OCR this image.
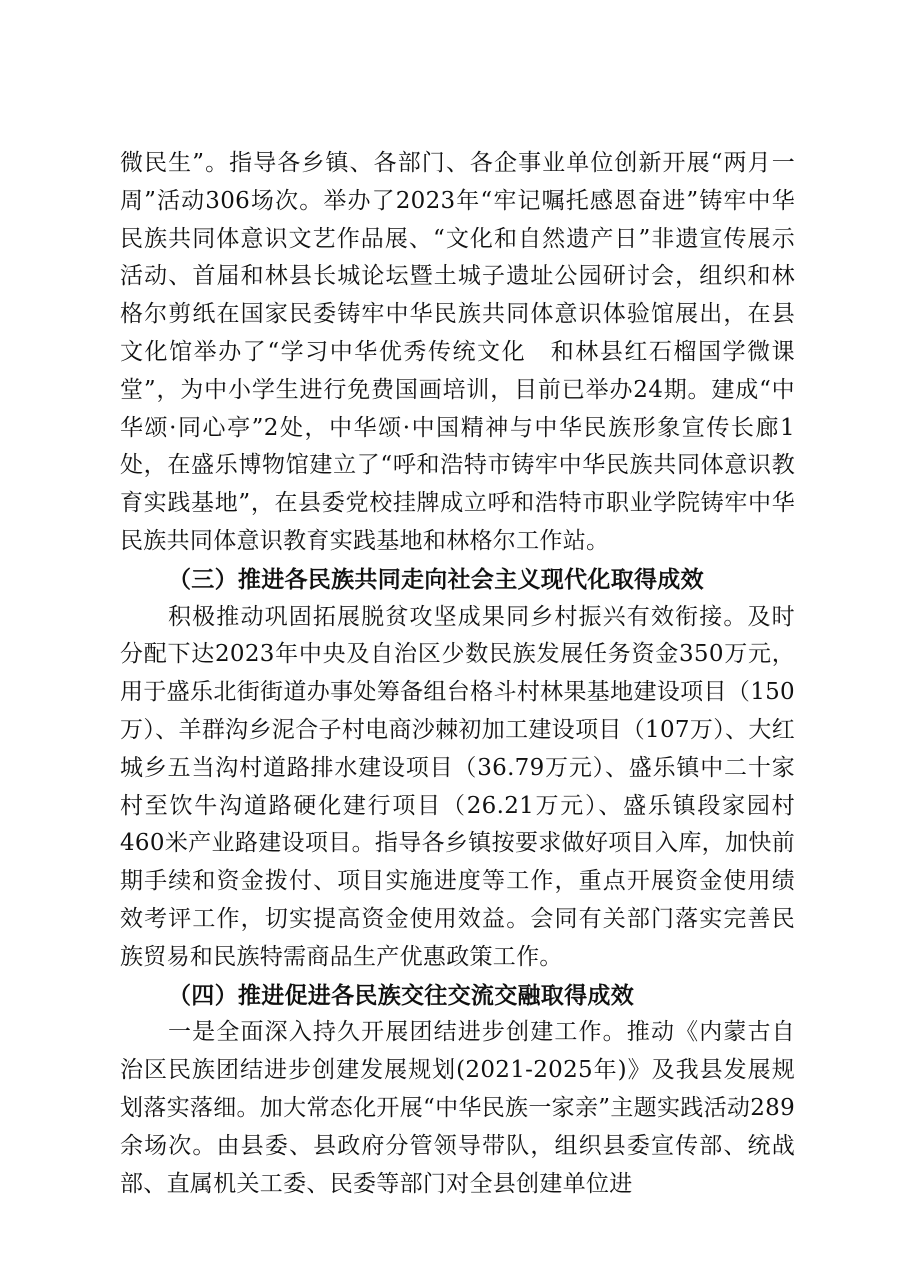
微民生”。指导各乡镇、各部门、各企事业单位创新开展“两月一周”活动306场次。举办了2023年“牢记嘱托感恩奋进”铸牢中华民族共同体意识文艺作品展、“文化和自然遗产日”非遗宣传展示活动、首届和林县长城论坛暨土城子遗址公园研讨会，组织和林格尔剪纸在国家民委铸牢中华民族共同体意识体验馆展出，在县文化馆举办了“学习中华优秀传统文化　和林县红石榴国学微课堂”，为中小学生进行免费国画培训，目前已举办24期。建成“中华颂·同心亭”2处，中华颂·中国精神与中华民族形象宣传长廊1处，在盛乐博物馆建立了“呼和浩特市铸牢中华民族共同体意识教育实践基地”，在县委党校挂牌成立呼和浩特市职业学院铸牢中华民族共同体意识教育实践基地和林格尔工作站。

（三）推进各民族共同走向社会主义现代化取得成效

积极推动巩固拓展脱贫攻坚成果同乡村振兴有效衔接。及时分配下达2023年中央及自治区少数民族发展任务资金350万元，用于盛乐北街街道办事处筹备组台格斗村林果基地建设项目（150万）、羊群沟乡泥合子村电商沙棘初加工建设项目（107万）、大红城乡五当沟村道路排水建设项目（36.79万元）、盛乐镇中二十家村至饮牛沟道路硬化建行项目（26.21万元）、盛乐镇段家园村460米产业路建设项目。指导各乡镇按要求做好项目入库，加快前期手续和资金拨付、项目实施进度等工作，重点开展资金使用绩效考评工作，切实提高资金使用效益。会同有关部门落实完善民族贸易和民族特需商品生产优惠政策工作。

（四）推进促进各民族交往交流交融取得成效

一是全面深入持久开展团结进步创建工作。推动《内蒙古自治区民族团结进步创建发展规划(2021-2025年)》及我县发展规划落实落细。加大常态化开展“中华民族一家亲”主题实践活动289余场次。由县委、县政府分管领导带队，组织县委宣传部、统战部、直属机关工委、民委等部门对全县创建单位进
